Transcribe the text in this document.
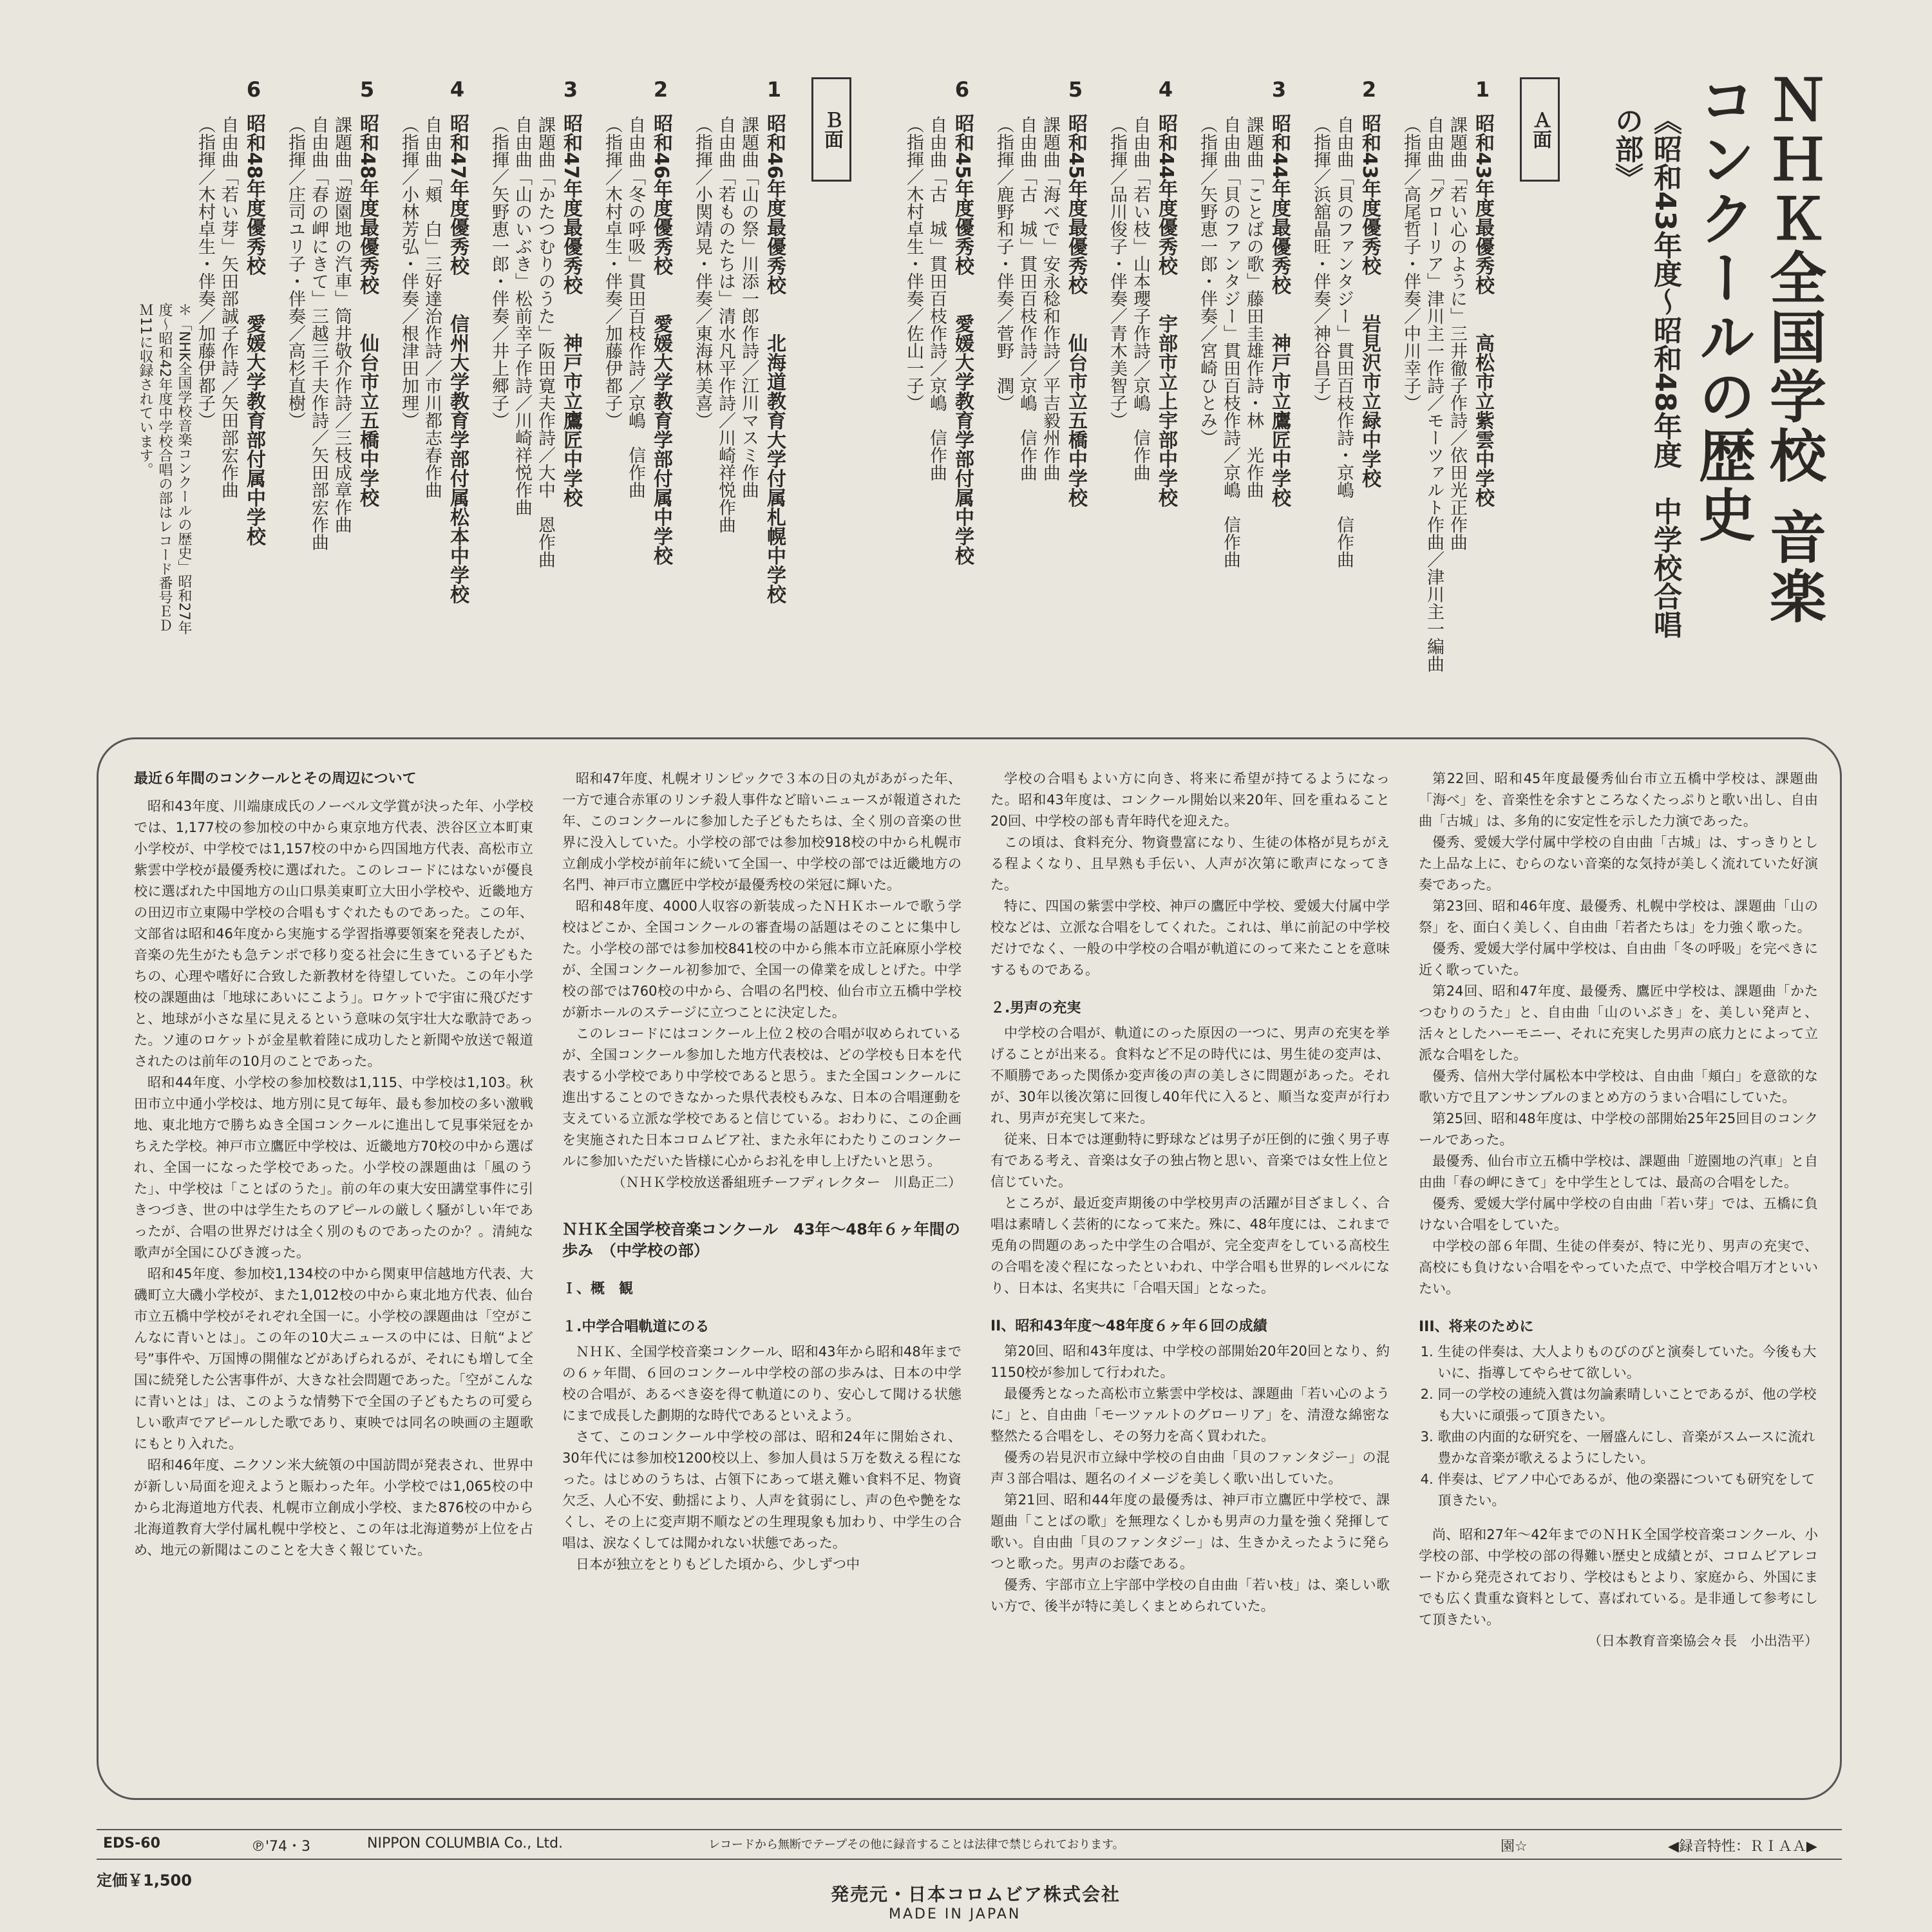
ＮＨＫ全国学校 音楽コンクールの歴史
《昭和43年度〜昭和48年度　中学校合唱の部》
Ａ面
1
昭和43年度最優秀校　　高松市立紫雲中学校
課題曲「若い心のように」三井徹子作詩／依田光正作曲
自由曲「グローリア」津川主一作詩／モーツァルト作曲／津川主一編曲
（指揮／高尾哲子・伴奏／中川幸子）
2
昭和43年度優秀校　　岩見沢市立緑中学校
自由曲「貝のファンタジー」貫田百枝作詩・京嶋　信作曲
（指揮／浜舘晶旺・伴奏／神谷昌子）
3
昭和44年度最優秀校　　神戸市立鷹匠中学校
課題曲「ことばの歌」藤田圭雄作詩・林　光作曲
自由曲「貝のファンタジー」貫田百枝作詩／京嶋　信作曲
（指揮／矢野恵一郎・伴奏／宮崎ひとみ）
4
昭和44年度優秀校　　宇部市立上宇部中学校
自由曲「若い枝」山本瓔子作詩／京嶋　信作曲
（指揮／品川俊子・伴奏／青木美智子）
5
昭和45年度最優秀校　　仙台市立五橋中学校
課題曲「海べで」安永稔和作詩／平吉毅州作曲
自由曲「古　城」貫田百枝作詩／京嶋　信作曲
（指揮／鹿野和子・伴奏／菅野　潤）
6
昭和45年度優秀校　　愛媛大学教育学部付属中学校
自由曲「古　城」貫田百枝作詩／京嶋　信作曲
（指揮／木村卓生・伴奏／佐山一子）
Ｂ面
1
昭和46年度最優秀校　　北海道教育大学付属札幌中学校
課題曲「山の祭」川添一郎作詩／江川マスミ作曲
自由曲「若ものたちは」清水凡平作詩／川崎祥悦作曲
（指揮／小関靖晃・伴奏／東海林美喜）
2
昭和46年度優秀校　　愛媛大学教育学部付属中学校
自由曲「冬の呼吸」貫田百枝作詩／京嶋　信作曲
（指揮／木村卓生・伴奏／加藤伊都子）
3
昭和47年度最優秀校　　神戸市立鷹匠中学校
課題曲「かたつむりのうた」阪田寛夫作詩／大中　恩作曲
自由曲「山のいぶき」松前幸子作詩／川崎祥悦作曲
（指揮／矢野恵一郎・伴奏／井上郷子）
4
昭和47年度優秀校　　信州大学教育学部付属松本中学校
自由曲「頬　白」三好達治作詩／市川都志春作曲
（指揮／小林芳弘・伴奏／根津田加理）
5
昭和48年度最優秀校　　仙台市立五橋中学校
課題曲「遊園地の汽車」筒井敬介作詩／三枝成章作曲
自由曲「春の岬にきて」三越三千夫作詩／矢田部宏作曲
（指揮／庄司ユリ子・伴奏／高杉直樹）
6
昭和48年度優秀校　　愛媛大学教育部付属中学校
自由曲「若い芽」矢田部誠子作詩／矢田部宏作曲
（指揮／木村卓生・伴奏／加藤伊都子）
＊「NHK全国学校音楽コンクールの歴史」昭和27年度〜昭和42年度中学校合唱の部はレコード番号ＥＤＭ11に収録されています。
最近６年間のコンクールとその周辺について

昭和43年度、川端康成氏のノーベル文学賞が決った年、小学校では、1,177校の参加校の中から東京地方代表、渋谷区立本町東小学校が、中学校では1,157校の中から四国地方代表、高松市立紫雲中学校が最優秀校に選ばれた。このレコードにはないが優良校に選ばれた中国地方の山口県美東町立大田小学校や、近畿地方の田辺市立東陽中学校の合唱もすぐれたものであった。この年、文部省は昭和46年度から実施する学習指導要領案を発表したが、音楽の先生がたも急テンポで移り変る社会に生きている子どもたちの、心理や嗜好に合致した新教材を待望していた。この年小学校の課題曲は「地球にあいにこよう」。ロケットで宇宙に飛びだすと、地球が小さな星に見えるという意味の気宇壮大な歌詩であった。ソ連のロケットが金星軟着陸に成功したと新聞や放送で報道されたのは前年の10月のことであった。

昭和44年度、小学校の参加校数は1,115、中学校は1,103。秋田市立中通小学校は、地方別に見て毎年、最も参加校の多い激戦地、東北地方で勝ちぬき全国コンクールに進出して見事栄冠をかちえた学校。神戸市立鷹匠中学校は、近畿地方70校の中から選ばれ、全国一になった学校であった。小学校の課題曲は「風のうた」、中学校は「ことばのうた」。前の年の東大安田講堂事件に引きつづき、世の中は学生たちのアピールの厳しく騒がしい年であったが、合唱の世界だけは全く別のものであったのか？。清純な歌声が全国にひびき渡った。

昭和45年度、参加校1,134校の中から関東甲信越地方代表、大磯町立大磯小学校が、また1,012校の中から東北地方代表、仙台市立五橋中学校がそれぞれ全国一に。小学校の課題曲は「空がこんなに青いとは」。この年の10大ニュースの中には、日航“よど号”事件や、万国博の開催などがあげられるが、それにも増して全国に続発した公害事件が、大きな社会問題であった。「空がこんなに青いとは」は、このような情勢下で全国の子どもたちの可愛らしい歌声でアピールした歌であり、東映では同名の映画の主題歌にもとり入れた。

昭和46年度、ニクソン米大統領の中国訪問が発表され、世界中が新しい局面を迎えようと賑わった年。小学校では1,065校の中から北海道地方代表、札幌市立創成小学校、また876校の中から北海道教育大学付属札幌中学校と、この年は北海道勢が上位を占め、地元の新聞はこのことを大きく報じていた。

昭和47年度、札幌オリンピックで３本の日の丸があがった年、一方で連合赤軍のリンチ殺人事件など暗いニュースが報道された年、このコンクールに参加した子どもたちは、全く別の音楽の世界に没入していた。小学校の部では参加校918校の中から札幌市立創成小学校が前年に続いて全国一、中学校の部では近畿地方の名門、神戸市立鷹匠中学校が最優秀校の栄冠に輝いた。

昭和48年度、4000人収容の新装成ったＮＨＫホールで歌う学校はどこか、全国コンクールの審査場の話題はそのことに集中した。小学校の部では参加校841校の中から熊本市立託麻原小学校が、全国コンクール初参加で、全国一の偉業を成しとげた。中学校の部では760校の中から、合唱の名門校、仙台市立五橋中学校が新ホールのステージに立つことに決定した。

このレコードにはコンクール上位２校の合唱が収められているが、全国コンクール参加した地方代表校は、どの学校も日本を代表する小学校であり中学校であると思う。また全国コンクールに進出することのできなかった県代表校もみな、日本の合唱運動を支えている立派な学校であると信じている。おわりに、この企画を実施された日本コロムビア社、また永年にわたりこのコンクールに参加いただいた皆様に心からお礼を申し上げたいと思う。

（ＮＨＫ学校放送番組班チーフディレクター　川島正二）

ＮＨＫ全国学校音楽コンクール　43年〜48年６ヶ年間の歩み　（中学校の部）
Ｉ、概　観
１.中学合唱軌道にのる

ＮＨＫ、全国学校音楽コンクール、昭和43年から昭和48年までの６ヶ年間、６回のコンクール中学校の部の歩みは、日本の中学校の合唱が、あるべき姿を得て軌道にのり、安心して聞ける状態にまで成長した劃期的な時代であるといえよう。

さて、このコンクール中学校の部は、昭和24年に開始され、30年代には参加校1200校以上、参加人員は５万を数える程になった。はじめのうちは、占領下にあって堪え難い食料不足、物資欠乏、人心不安、動揺により、人声を貧弱にし、声の色や艶をなくし、その上に変声期不順などの生理現象も加わり、中学生の合唱は、涙なくしては聞かれない状態であった。

日本が独立をとりもどした頃から、少しずつ中

学校の合唱もよい方に向き、将来に希望が持てるようになった。昭和43年度は、コンクール開始以来20年、回を重ねること20回、中学校の部も青年時代を迎えた。

この頃は、食料充分、物資豊富になり、生徒の体格が見ちがえる程よくなり、且早熟も手伝い、人声が次第に歌声になってきた。

特に、四国の紫雲中学校、神戸の鷹匠中学校、愛媛大付属中学校などは、立派な合唱をしてくれた。これは、単に前記の中学校だけでなく、一般の中学校の合唱が軌道にのって来たことを意味するものである。

２.男声の充実

中学校の合唱が、軌道にのった原因の一つに、男声の充実を挙げることが出来る。食料など不足の時代には、男生徒の変声は、不順勝であった関係か変声後の声の美しさに問題があった。それが、30年以後次第に回復し40年代に入ると、順当な変声が行われ、男声が充実して来た。

従来、日本では運動特に野球などは男子が圧倒的に強く男子専有である考え、音楽は女子の独占物と思い、音楽では女性上位と信じていた。

ところが、最近変声期後の中学校男声の活躍が目ざましく、合唱は素晴しく芸術的になって来た。殊に、48年度には、これまで兎角の問題のあった中学生の合唱が、完全変声をしている高校生の合唱を凌ぐ程になったといわれ、中学合唱も世界的レベルになり、日本は、名実共に「合唱天国」となった。

II、昭和43年度〜48年度６ヶ年６回の成績

第20回、昭和43年度は、中学校の部開始20年20回となり、約1150校が参加して行われた。

最優秀となった高松市立紫雲中学校は、課題曲「若い心のように」と、自由曲「モーツァルトのグローリア」を、清澄な綿密な整然たる合唱をし、その努力を高く買われた。

優秀の岩見沢市立緑中学校の自由曲「貝のファンタジー」の混声３部合唱は、題名のイメージを美しく歌い出していた。

第21回、昭和44年度の最優秀は、神戸市立鷹匠中学校で、課題曲「ことばの歌」を無理なくしかも男声の力量を強く発揮して歌い。自由曲「貝のファンタジー」は、生きかえったように発らつと歌った。男声のお蔭である。

優秀、宇部市立上宇部中学校の自由曲「若い枝」は、楽しい歌い方で、後半が特に美しくまとめられていた。

第22回、昭和45年度最優秀仙台市立五橋中学校は、課題曲「海べ」を、音楽性を余すところなくたっぷりと歌い出し、自由曲「古城」は、多角的に安定性を示した力演であった。

優秀、愛媛大学付属中学校の自由曲「古城」は、すっきりとした上品な上に、むらのない音楽的な気持が美しく流れていた好演奏であった。

第23回、昭和46年度、最優秀、札幌中学校は、課題曲「山の祭」を、面白く美しく、自由曲「若者たちは」を力強く歌った。

優秀、愛媛大学付属中学校は、自由曲「冬の呼吸」を完ぺきに近く歌っていた。

第24回、昭和47年度、最優秀、鷹匠中学校は、課題曲「かたつむりのうた」と、自由曲「山のいぶき」を、美しい発声と、活々としたハーモニー、それに充実した男声の底力とによって立派な合唱をした。

優秀、信州大学付属松本中学校は、自由曲「頬白」を意欲的な歌い方で且アンサンブルのまとめ方のうまい合唱にしていた。

第25回、昭和48年度は、中学校の部開始25年25回目のコンクールであった。

最優秀、仙台市立五橋中学校は、課題曲「遊園地の汽車」と自由曲「春の岬にきて」を中学生としては、最高の合唱をした。

優秀、愛媛大学付属中学校の自由曲「若い芽」では、五橋に負けない合唱をしていた。

中学校の部６年間、生徒の伴奏が、特に光り、男声の充実で、高校にも負けない合唱をやっていた点で、中学校合唱万才といいたい。

III、将来のために
1. 生徒の伴奏は、大人よりものびのびと演奏していた。今後も大いに、指導してやらせて欲しい。
2. 同一の学校の連続入賞は勿論素晴しいことであるが、他の学校も大いに頑張って頂きたい。
3. 歌曲の内面的な研究を、一層盛んにし、音楽がスムースに流れ豊かな音楽が歌えるようにしたい。
4. 伴奏は、ピアノ中心であるが、他の楽器についても研究をして頂きたい。

尚、昭和27年〜42年までのＮＨＫ全国学校音楽コンクール、小学校の部、中学校の部の得難い歴史と成績とが、コロムビアレコードから発売されており、学校はもとより、家庭から、外国にまでも広く貴重な資料として、喜ばれている。是非通して参考にして頂きたい。

（日本教育音楽協会々長　小出浩平）

EDS-60	℗'74・3	NIPPON COLUMBIA Co., Ltd.	レコードから無断でテープその他に録音することは法律で禁じられております。	園☆	◀録音特性：ＲＩＡＡ▶
定価￥1,500
発売元・日本コロムビア株式会社
MADE IN JAPAN
